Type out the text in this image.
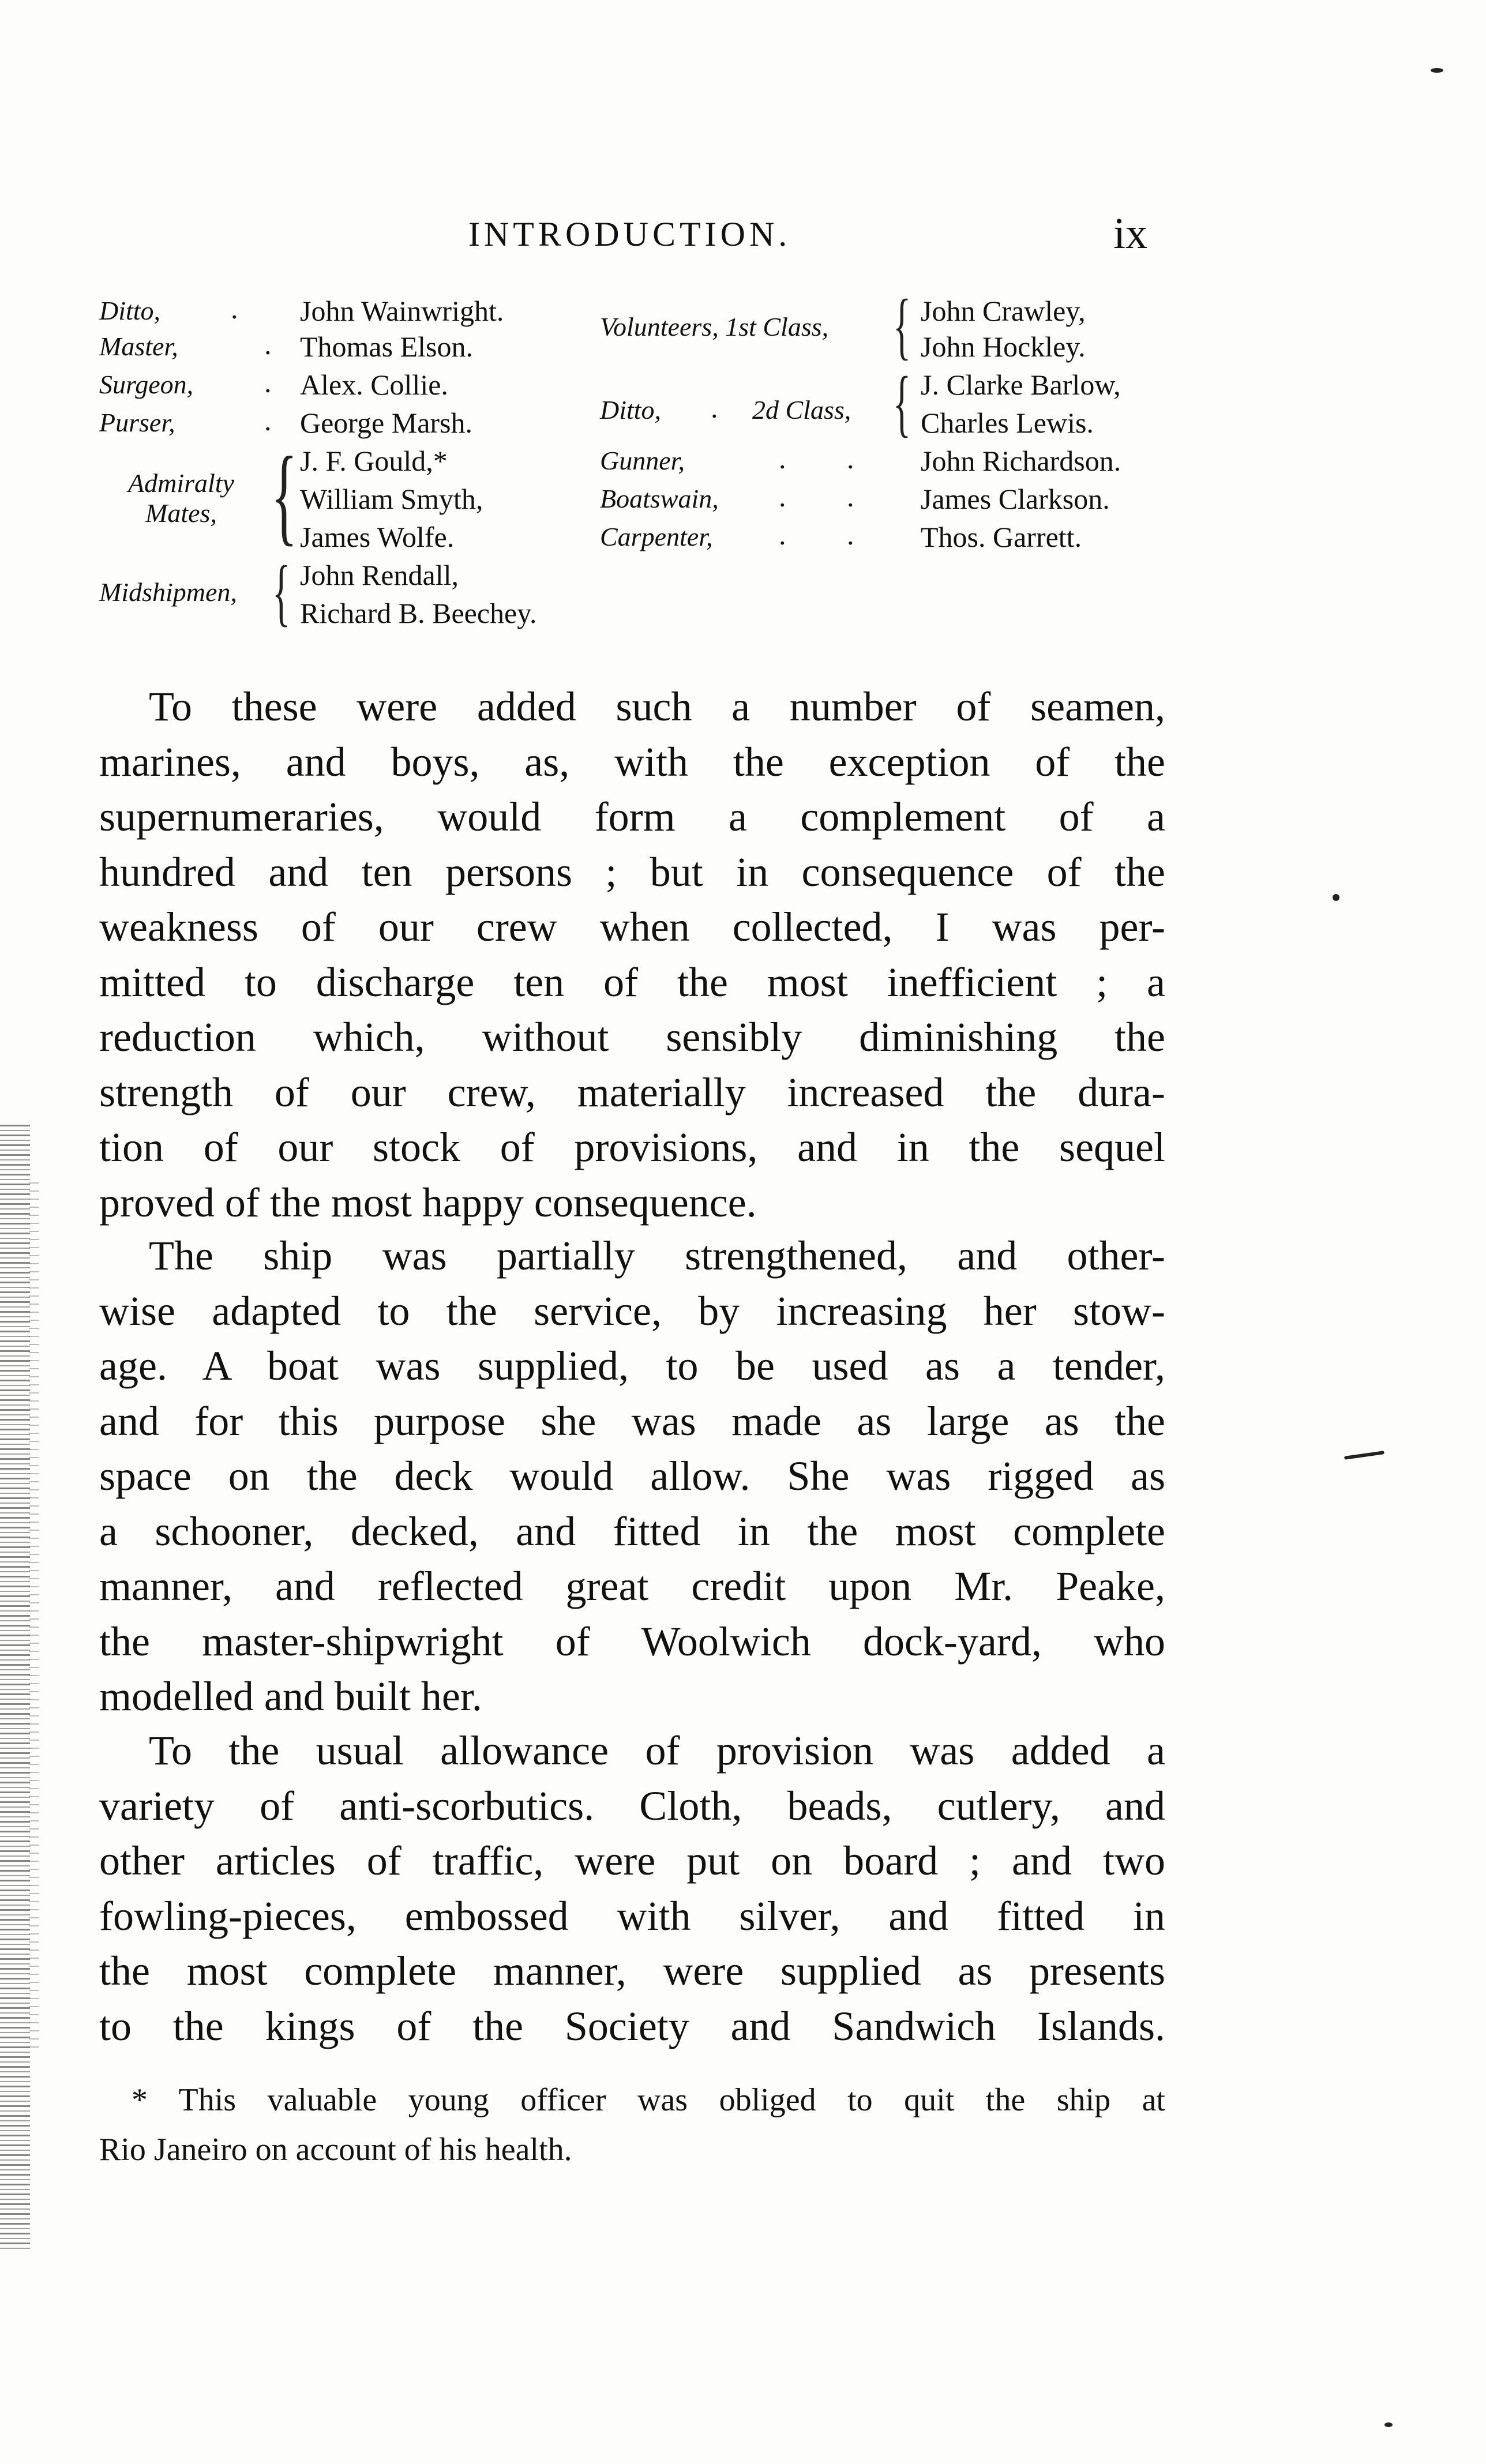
INTRODUCTION.	ix
Ditto, . John Wainwright.
Master,	. Thomas Elson.
Surgeon, . Alex. Collie.
Purser,	. George Marsh.
Admiralty Mates, { J. F. Gould,*
William Smyth,
James Wolfe.
Midshipmen, { John Rendall,
Richard B. Beechey.
Volunteers, 1st Class, { John Crawley,
John Hockley.
Ditto, . 2d Class, { J. Clarke Barlow,
Charles Lewis.
Gunner,	. . John Richardson.
Boatswain, . . James Clarkson.
Carpenter, . . Thos. Garrett.
To these were added such a number of seamen,
marines, and boys, as, with the exception of the
supernumeraries, would form a complement of a
hundred and ten persons ; but in consequence of the
weakness of our crew when collected, I was per-
mitted to discharge ten of the most inefficient ; a
reduction which, without sensibly diminishing the
strength of our crew, materially increased the dura-
tion of our stock of provisions, and in the sequel
proved of the most happy consequence.
The ship was partially strengthened, and other-
wise adapted to the service, by increasing her stow-
age. A boat was supplied, to be used as a tender,
and for this purpose she was made as large as the
space on the deck would allow. She was rigged as
a schooner, decked, and fitted in the most complete
manner, and reflected great credit upon Mr. Peake,
the master-shipwright of Woolwich dock-yard, who
modelled and built her.
To the usual allowance of provision was added a
variety of anti-scorbutics. Cloth, beads, cutlery, and
other articles of traffic, were put on board ; and two
fowling-pieces, embossed with silver, and fitted in
the most complete manner, were supplied as presents
to the kings of the Society and Sandwich Islands.
* This valuable young officer was obliged to quit the ship at
Rio Janeiro on account of his health.
